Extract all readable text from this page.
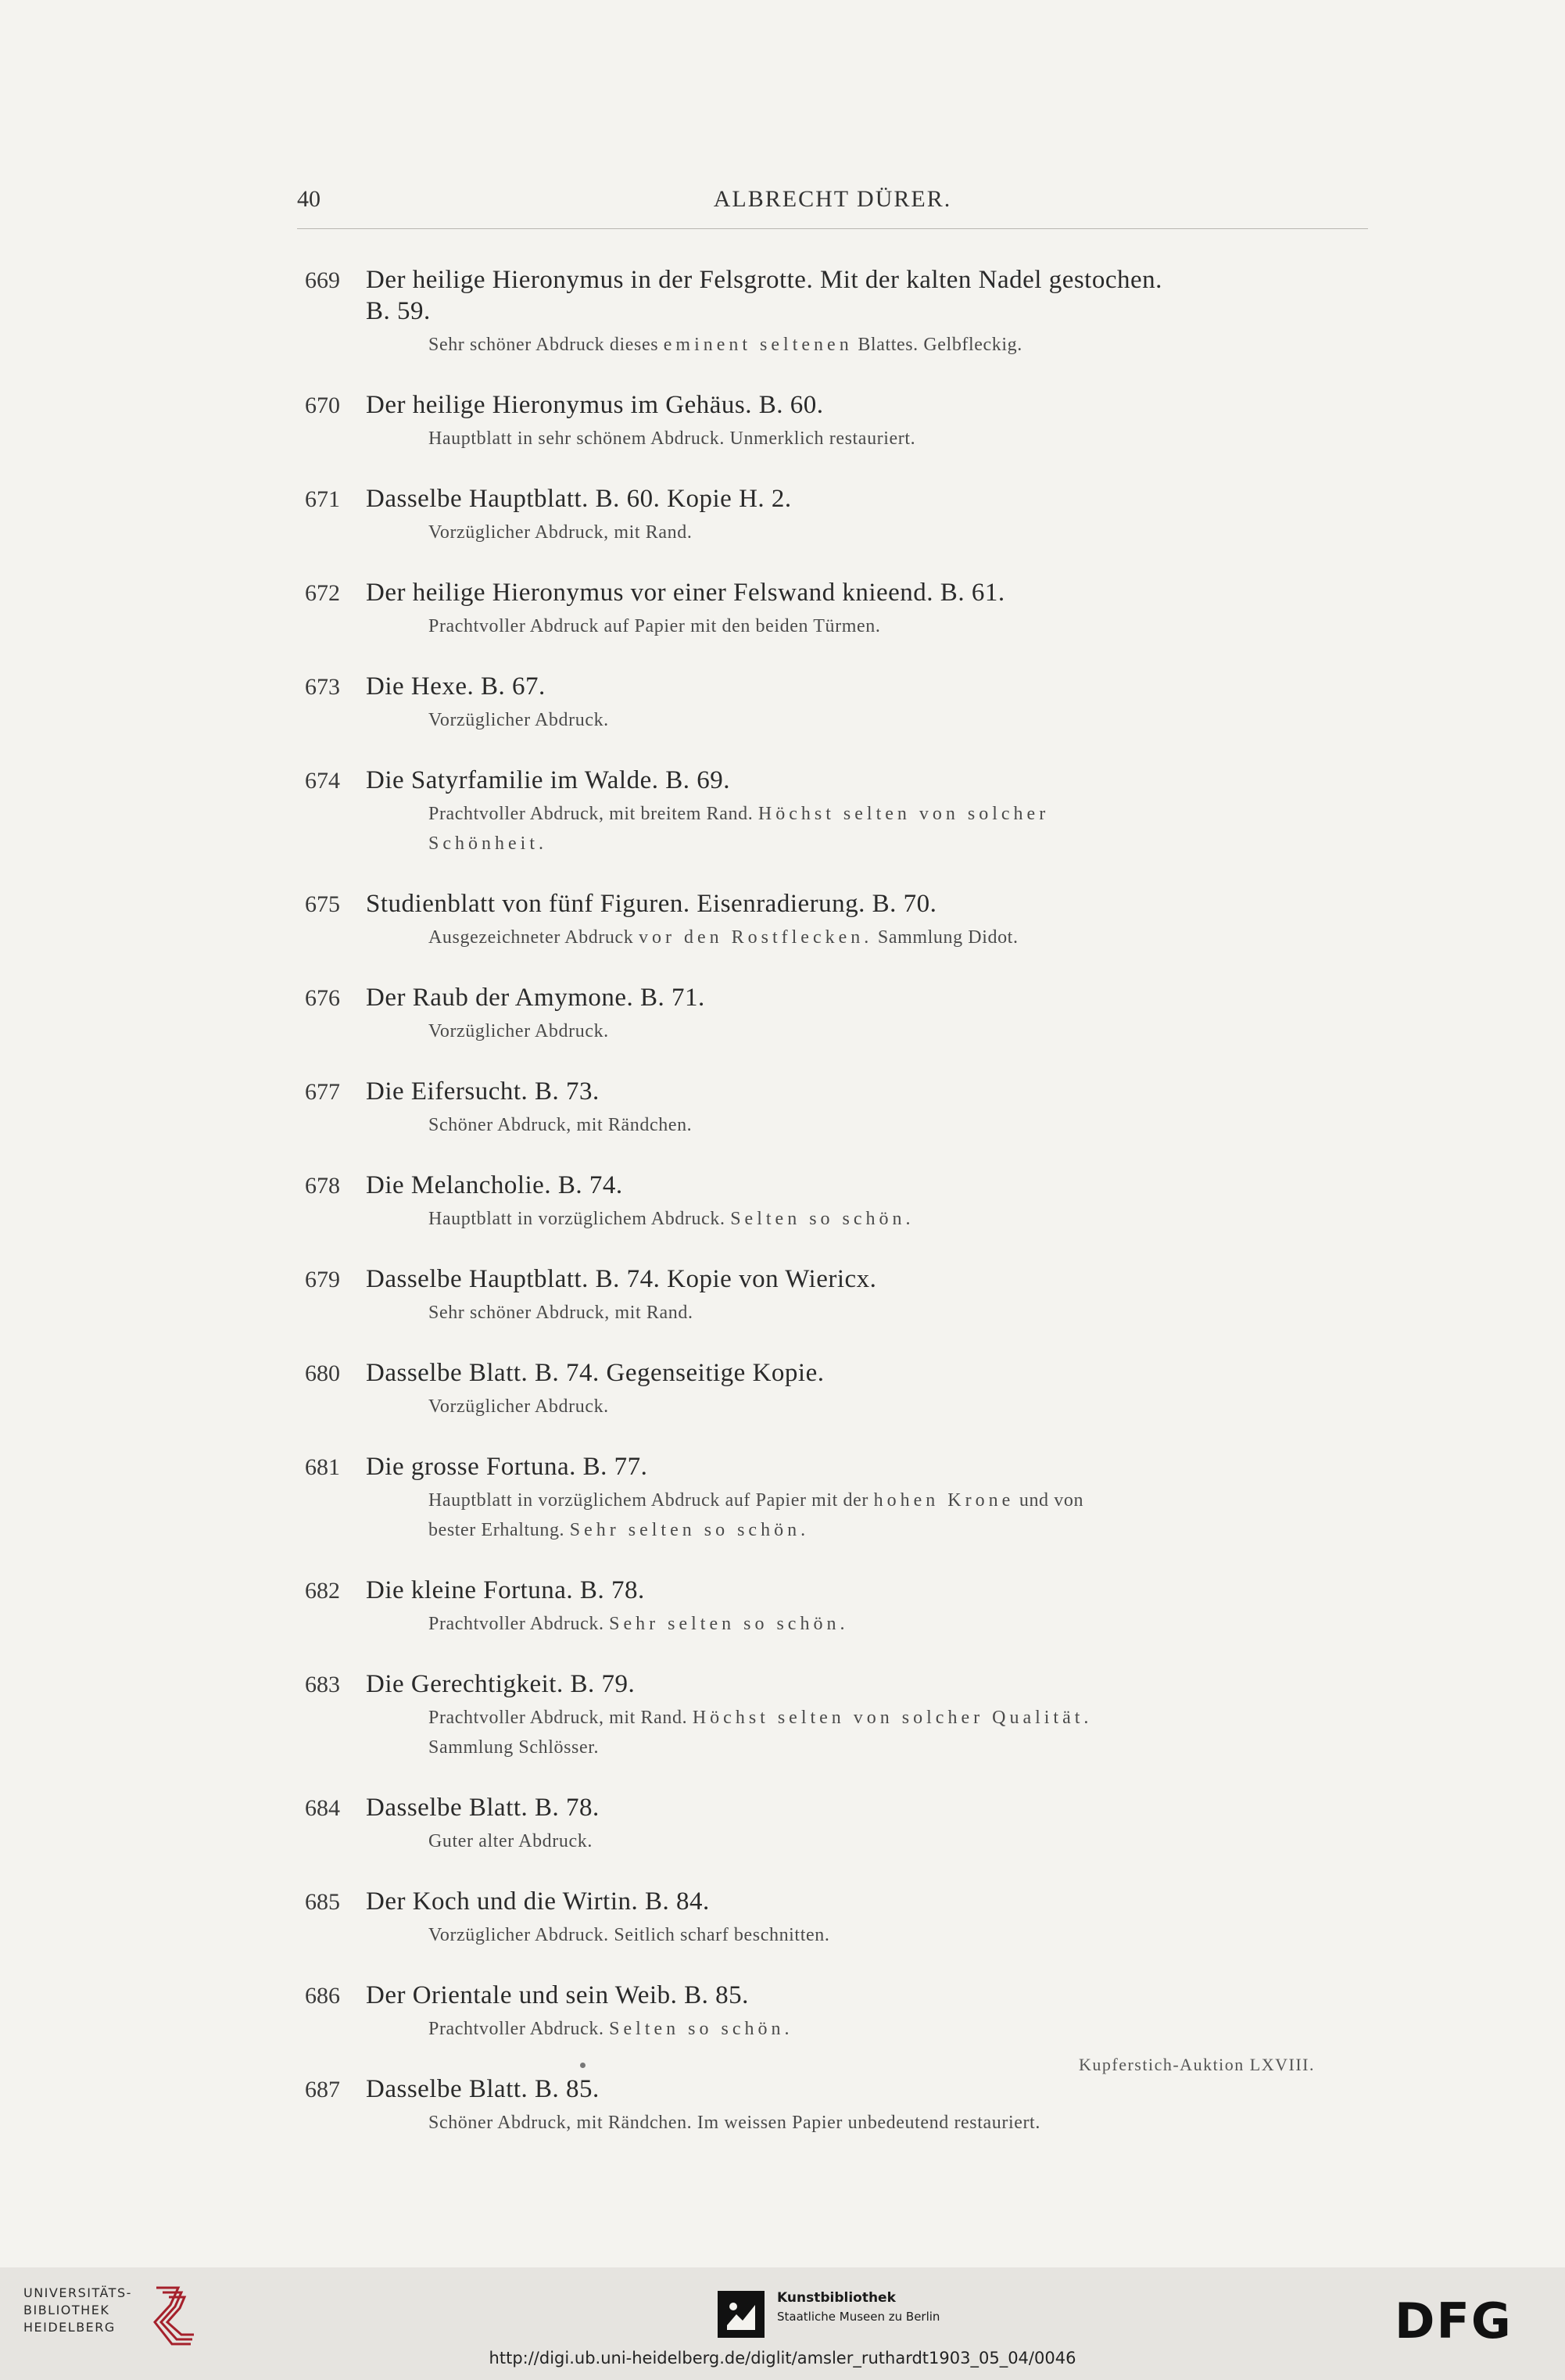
40	ALBRECHT DÜRER.
669	Der heilige Hieronymus in der Felsgrotte. Mit der kalten Nadel gestochen.
B. 59.
Sehr schöner Abdruck dieses eminent seltenen Blattes. Gelbfleckig.
670	Der heilige Hieronymus im Gehäus. B. 60.
Hauptblatt in sehr schönem Abdruck. Unmerklich restauriert.
671	Dasselbe Hauptblatt. B. 60. Kopie H. 2.
Vorzüglicher Abdruck, mit Rand.
672	Der heilige Hieronymus vor einer Felswand knieend. B. 61.
Prachtvoller Abdruck auf Papier mit den beiden Türmen.
673	Die Hexe. B. 67.
Vorzüglicher Abdruck.
674	Die Satyrfamilie im Walde. B. 69.
Prachtvoller Abdruck, mit breitem Rand. Höchst selten von solcher
Schönheit.
675	Studienblatt von fünf Figuren. Eisenradierung. B. 70.
Ausgezeichneter Abdruck vor den Rostflecken. Sammlung Didot.
676	Der Raub der Amymone. B. 71.
Vorzüglicher Abdruck.
677	Die Eifersucht. B. 73.
Schöner Abdruck, mit Rändchen.
678	Die Melancholie. B. 74.
Hauptblatt in vorzüglichem Abdruck. Selten so schön.
679	Dasselbe Hauptblatt. B. 74. Kopie von Wiericx.
Sehr schöner Abdruck, mit Rand.
680	Dasselbe Blatt. B. 74. Gegenseitige Kopie.
Vorzüglicher Abdruck.
681	Die grosse Fortuna. B. 77.
Hauptblatt in vorzüglichem Abdruck auf Papier mit der hohen Krone und von
bester Erhaltung. Sehr selten so schön.
682	Die kleine Fortuna. B. 78.
Prachtvoller Abdruck. Sehr selten so schön.
683	Die Gerechtigkeit. B. 79.
Prachtvoller Abdruck, mit Rand. Höchst selten von solcher Qualität.
Sammlung Schlösser.
684	Dasselbe Blatt. B. 78.
Guter alter Abdruck.
685	Der Koch und die Wirtin. B. 84.
Vorzüglicher Abdruck. Seitlich scharf beschnitten.
686	Der Orientale und sein Weib. B. 85.
Prachtvoller Abdruck. Selten so schön.
687	Dasselbe Blatt. B. 85.
Schöner Abdruck, mit Rändchen. Im weissen Papier unbedeutend restauriert.
Kupferstich-Auktion LXVIII.
UNIVERSITÄTS-
BIBLIOTHEK
HEIDELBERG
Kunstbibliothek
Staatliche Museen zu Berlin	DFG
http://digi.ub.uni-heidelberg.de/diglit/amsler_ruthardt1903_05_04/0046
